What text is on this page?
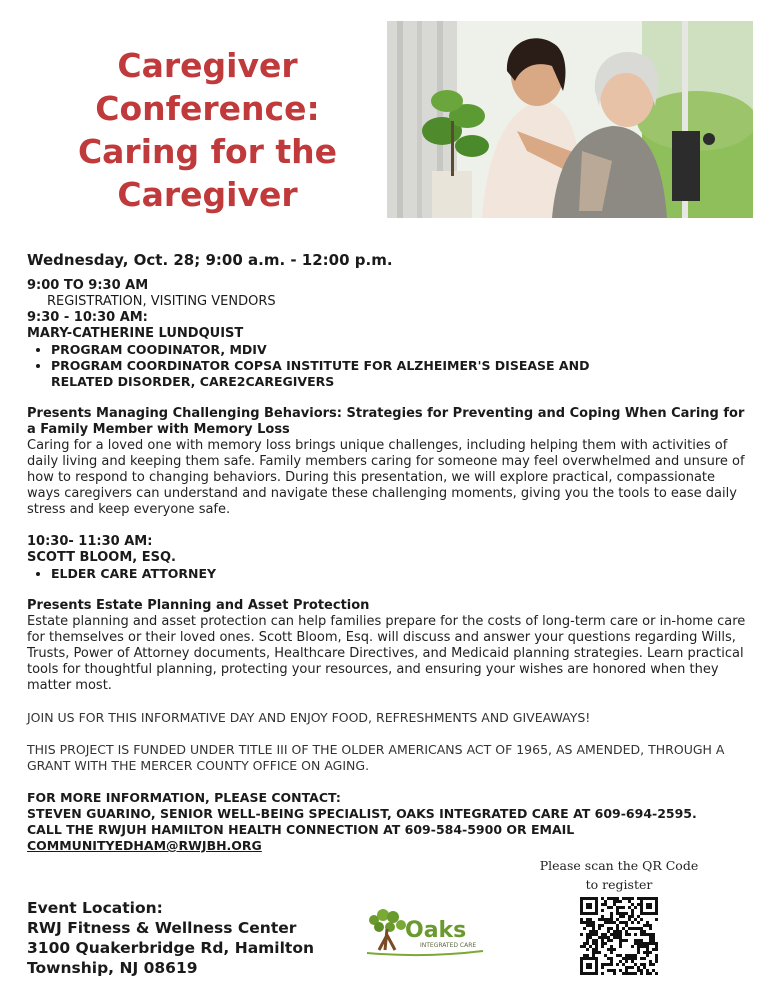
Caregiver
Conference:
Caring for the
Caregiver
Wednesday, Oct. 28; 9:00 a.m. - 12:00 p.m.
9:00 TO 9:30 AM
REGISTRATION, VISITING VENDORS
9:30 - 10:30 AM:
MARY-CATHERINE LUNDQUIST
• PROGRAM COODINATOR, MDIV
• PROGRAM COORDINATOR COPSA INSTITUTE FOR ALZHEIMER'S DISEASE AND RELATED DISORDER, CARE2CAREGIVERS
Presents Managing Challenging Behaviors: Strategies for Preventing and Coping When Caring for a Family Member with Memory Loss
Caring for a loved one with memory loss brings unique challenges, including helping them with activities of daily living and keeping them safe. Family members caring for someone may feel overwhelmed and unsure of how to respond to changing behaviors. During this presentation, we will explore practical, compassionate ways caregivers can understand and navigate these challenging moments, giving you the tools to ease daily stress and keep everyone safe.
10:30- 11:30 AM:
SCOTT BLOOM, ESQ.
• ELDER CARE ATTORNEY
Presents Estate Planning and Asset Protection
Estate planning and asset protection can help families prepare for the costs of long-term care or in-home care for themselves or their loved ones. Scott Bloom, Esq. will discuss and answer your questions regarding Wills, Trusts, Power of Attorney documents, Healthcare Directives, and Medicaid planning strategies. Learn practical tools for thoughtful planning, protecting your resources, and ensuring your wishes are honored when they matter most.
JOIN US FOR THIS INFORMATIVE DAY AND ENJOY FOOD, REFRESHMENTS AND GIVEAWAYS!
THIS PROJECT IS FUNDED UNDER TITLE III OF THE OLDER AMERICANS ACT OF 1965, AS AMENDED, THROUGH A GRANT WITH THE MERCER COUNTY OFFICE ON AGING.
FOR MORE INFORMATION, PLEASE CONTACT:
STEVEN GUARINO, SENIOR WELL-BEING SPECIALIST, OAKS INTEGRATED CARE AT 609-694-2595.
CALL THE RWJUH HAMILTON HEALTH CONNECTION AT 609-584-5900 OR EMAIL
COMMUNITYEDHAM@RWJBH.ORG
Event Location:
RWJ Fitness & Wellness Center
3100 Quakerbridge Rd, Hamilton
Township, NJ 08619
Oaks
INTEGRATED CARE
Please scan the QR Code
to register
